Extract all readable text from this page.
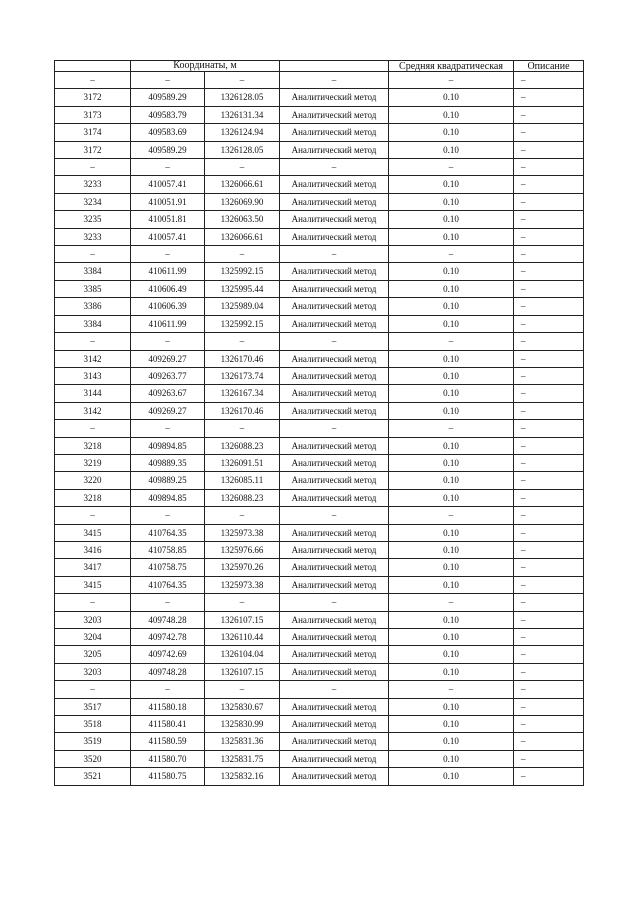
	Координаты, м			Средняя квадратическая	Описание
–	–	–	–	–	–
3172	409589.29	1326128.05	Аналитический метод	0.10	–
3173	409583.79	1326131.34	Аналитический метод	0.10	–
3174	409583.69	1326124.94	Аналитический метод	0.10	–
3172	409589.29	1326128.05	Аналитический метод	0.10	–
–	–	–	–	–	–
3233	410057.41	1326066.61	Аналитический метод	0.10	–
3234	410051.91	1326069.90	Аналитический метод	0.10	–
3235	410051.81	1326063.50	Аналитический метод	0.10	–
3233	410057.41	1326066.61	Аналитический метод	0.10	–
–	–	–	–	–	–
3384	410611.99	1325992.15	Аналитический метод	0.10	–
3385	410606.49	1325995.44	Аналитический метод	0.10	–
3386	410606.39	1325989.04	Аналитический метод	0.10	–
3384	410611.99	1325992.15	Аналитический метод	0.10	–
–	–	–	–	–	–
3142	409269.27	1326170.46	Аналитический метод	0.10	–
3143	409263.77	1326173.74	Аналитический метод	0.10	–
3144	409263.67	1326167.34	Аналитический метод	0.10	–
3142	409269.27	1326170.46	Аналитический метод	0.10	–
–	–	–	–	–	–
3218	409894.85	1326088.23	Аналитический метод	0.10	–
3219	409889.35	1326091.51	Аналитический метод	0.10	–
3220	409889.25	1326085.11	Аналитический метод	0.10	–
3218	409894.85	1326088.23	Аналитический метод	0.10	–
–	–	–	–	–	–
3415	410764.35	1325973.38	Аналитический метод	0.10	–
3416	410758.85	1325976.66	Аналитический метод	0.10	–
3417	410758.75	1325970.26	Аналитический метод	0.10	–
3415	410764.35	1325973.38	Аналитический метод	0.10	–
–	–	–	–	–	–
3203	409748.28	1326107.15	Аналитический метод	0.10	–
3204	409742.78	1326110.44	Аналитический метод	0.10	–
3205	409742.69	1326104.04	Аналитический метод	0.10	–
3203	409748.28	1326107.15	Аналитический метод	0.10	–
–	–	–	–	–	–
3517	411580.18	1325830.67	Аналитический метод	0.10	–
3518	411580.41	1325830.99	Аналитический метод	0.10	–
3519	411580.59	1325831.36	Аналитический метод	0.10	–
3520	411580.70	1325831.75	Аналитический метод	0.10	–
3521	411580.75	1325832.16	Аналитический метод	0.10	–
